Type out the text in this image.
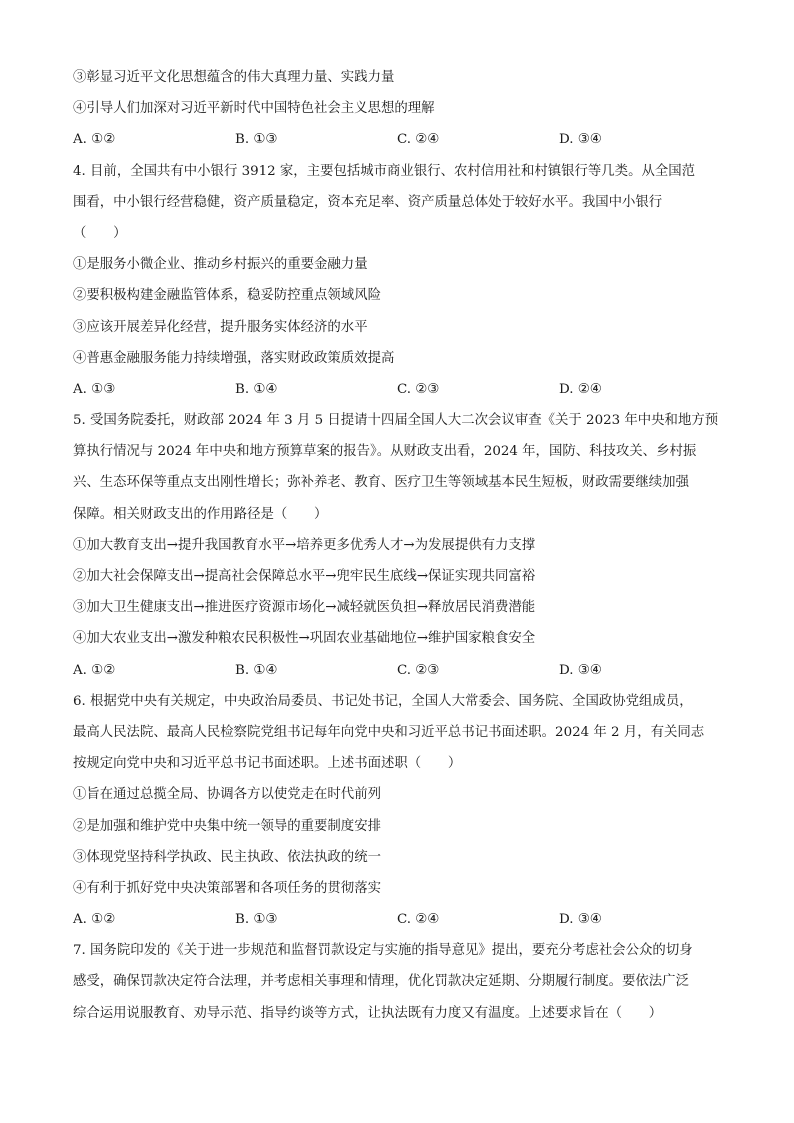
③彰显习近平文化思想蕴含的伟大真理力量、实践力量
④引导人们加深对习近平新时代中国特色社会主义思想的理解
A. ①②	B. ①③	C. ②④	D. ③④
4. 目前，全国共有中小银行 3912 家，主要包括城市商业银行、农村信用社和村镇银行等几类。从全国范
围看，中小银行经营稳健，资产质量稳定，资本充足率、资产质量总体处于较好水平。我国中小银行
（　　）
①是服务小微企业、推动乡村振兴的重要金融力量
②要积极构建金融监管体系，稳妥防控重点领域风险
③应该开展差异化经营，提升服务实体经济的水平
④普惠金融服务能力持续增强，落实财政政策质效提高
A. ①③	B. ①④	C. ②③	D. ②④
5. 受国务院委托，财政部 2024 年 3 月 5 日提请十四届全国人大二次会议审查《关于 2023 年中央和地方预
算执行情况与 2024 年中央和地方预算草案的报告》。从财政支出看，2024 年，国防、科技攻关、乡村振
兴、生态环保等重点支出刚性增长；弥补养老、教育、医疗卫生等领域基本民生短板，财政需要继续加强
保障。相关财政支出的作用路径是（　　）
①加大教育支出→提升我国教育水平→培养更多优秀人才→为发展提供有力支撑
②加大社会保障支出→提高社会保障总水平→兜牢民生底线→保证实现共同富裕
③加大卫生健康支出→推进医疗资源市场化→减轻就医负担→释放居民消费潜能
④加大农业支出→激发种粮农民积极性→巩固农业基础地位→维护国家粮食安全
A. ①②	B. ①④	C. ②③	D. ③④
6. 根据党中央有关规定，中央政治局委员、书记处书记，全国人大常委会、国务院、全国政协党组成员，
最高人民法院、最高人民检察院党组书记每年向党中央和习近平总书记书面述职。2024 年 2 月，有关同志
按规定向党中央和习近平总书记书面述职。上述书面述职（　　）
①旨在通过总揽全局、协调各方以使党走在时代前列
②是加强和维护党中央集中统一领导的重要制度安排
③体现党坚持科学执政、民主执政、依法执政的统一
④有利于抓好党中央决策部署和各项任务的贯彻落实
A. ①②	B. ①③	C. ②④	D. ③④
7. 国务院印发的《关于进一步规范和监督罚款设定与实施的指导意见》提出，要充分考虑社会公众的切身
感受，确保罚款决定符合法理，并考虑相关事理和情理，优化罚款决定延期、分期履行制度。要依法广泛
综合运用说服教育、劝导示范、指导约谈等方式，让执法既有力度又有温度。上述要求旨在（　　）
